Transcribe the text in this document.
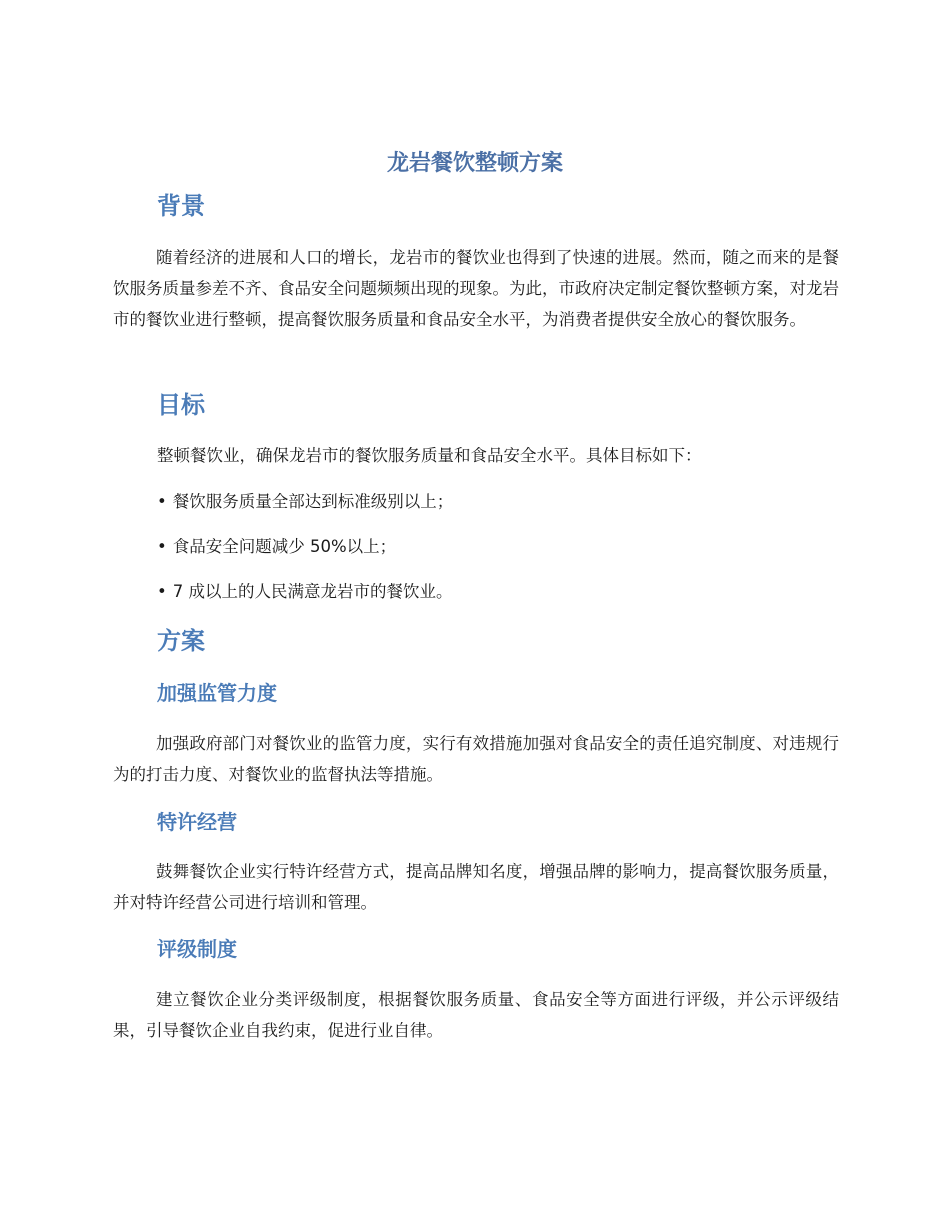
龙岩餐饮整顿方案
背景

随着经济的进展和人口的增长，龙岩市的餐饮业也得到了快速的进展。然而，随之而来的是餐饮服务质量参差不齐、食品安全问题频频出现的现象。为此，市政府决定制定餐饮整顿方案，对龙岩市的餐饮业进行整顿，提高餐饮服务质量和食品安全水平，为消费者提供安全放心的餐饮服务。

目标

整顿餐饮业，确保龙岩市的餐饮服务质量和食品安全水平。具体目标如下：

• 餐饮服务质量全部达到标准级别以上；
• 食品安全问题减少 50%以上；
• 7 成以上的人民满意龙岩市的餐饮业。
方案
加强监管力度

加强政府部门对餐饮业的监管力度，实行有效措施加强对食品安全的责任追究制度、对违规行为的打击力度、对餐饮业的监督执法等措施。

特许经营

鼓舞餐饮企业实行特许经营方式，提高品牌知名度，增强品牌的影响力，提高餐饮服务质量，并对特许经营公司进行培训和管理。

评级制度

建立餐饮企业分类评级制度，根据餐饮服务质量、食品安全等方面进行评级，并公示评级结果，引导餐饮企业自我约束，促进行业自律。
